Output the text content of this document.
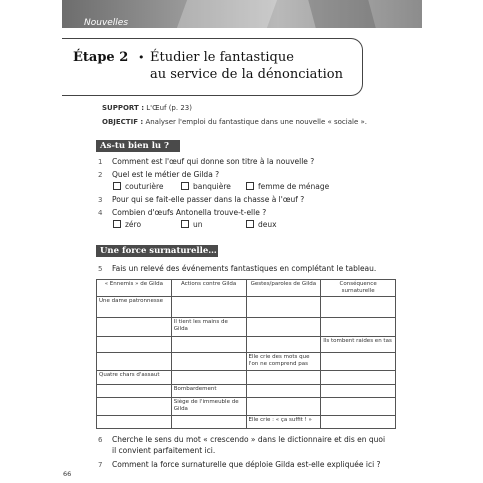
Nouvelles
Étape 2 • Étudier le fantastique
au service de la dénonciation
SUPPORT : L'Œuf (p. 23)
OBJECTIF : Analyser l'emploi du fantastique dans une nouvelle « sociale ».
As-tu bien lu ?
1 Comment est l'œuf qui donne son titre à la nouvelle ?
2 Quel est le métier de Gilda ?
couturière	banquière	femme de ménage
3 Pour qui se fait-elle passer dans la chasse à l'œuf ?
4 Combien d'œufs Antonella trouve-t-elle ?
zéro	un	deux
Une force surnaturelle…
5 Fais un relevé des événements fantastiques en complétant le tableau.
« Ennemis » de Gilda	Actions contre Gilda	Gestes/paroles de Gilda	Conséquence surnaturelle
Une dame patronnesse			
	Il tient les mains de Gilda		
			Ils tombent raides en tas
		Elle crie des mots que l'on ne comprend pas	
Quatre chars d'assaut			
	Bombardement		
	Siège de l'immeuble de Gilda		
		Elle crie : « ça suffit ! »	
6 Cherche le sens du mot « crescendo » dans le dictionnaire et dis en quoi
il convient parfaitement ici.
7 Comment la force surnaturelle que déploie Gilda est-elle expliquée ici ?
66
